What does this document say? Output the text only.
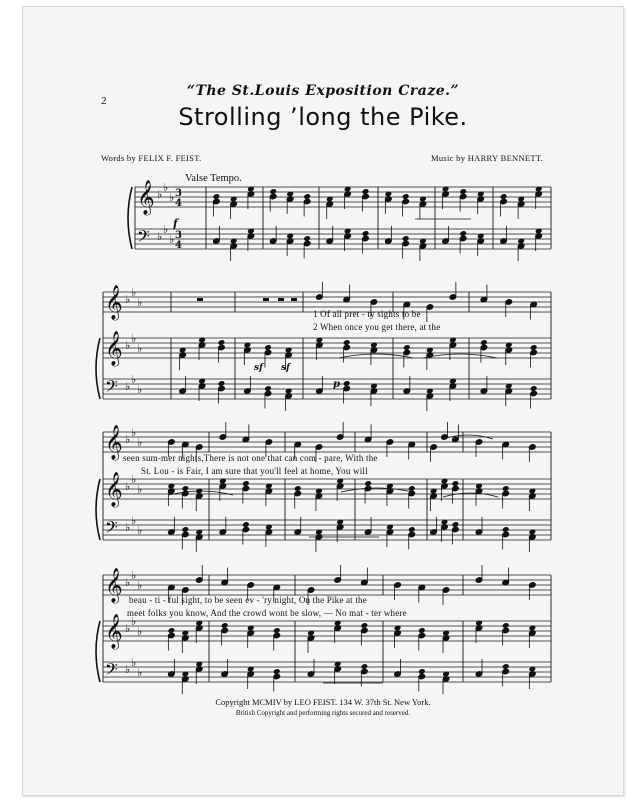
2
“The St.Louis Exposition Craze.”
Strolling ’long the Pike.
Words by FELIX F. FEIST.	Music by HARRY BENNETT.
Valse Tempo.
𝄞 ♭
♭
♭ 3
4
𝄢 ♭
♭
♭ 3
4
𝄞 ♭
♭
♭
𝄞 ♭
♭
♭
𝄢 ♭
♭
♭
𝄞 ♭
♭
♭
𝄞 ♭
♭
♭
𝄢 ♭
♭
♭
𝄞 ♭
♭
♭
𝄞 ♭
♭
♭
𝄢 ♭
♭
♭
f
p
sf sf
1 Of all pret - ty sights to be
2 When once you get there, at the
seen sum-mer nights,There is not one that can com - pare, With the
St. Lou - is Fair, I am sure that you'll feel at home, You will
beau - ti - ful sight, to be seen ev - 'ry night, On the Pike at the
meet folks you know, And the crowd wont be slow, — No mat - ter where
Copyright MCMIV by LEO FEIST. 134 W. 37th St. New York.
British Copyright and performing rights secured and reserved.
